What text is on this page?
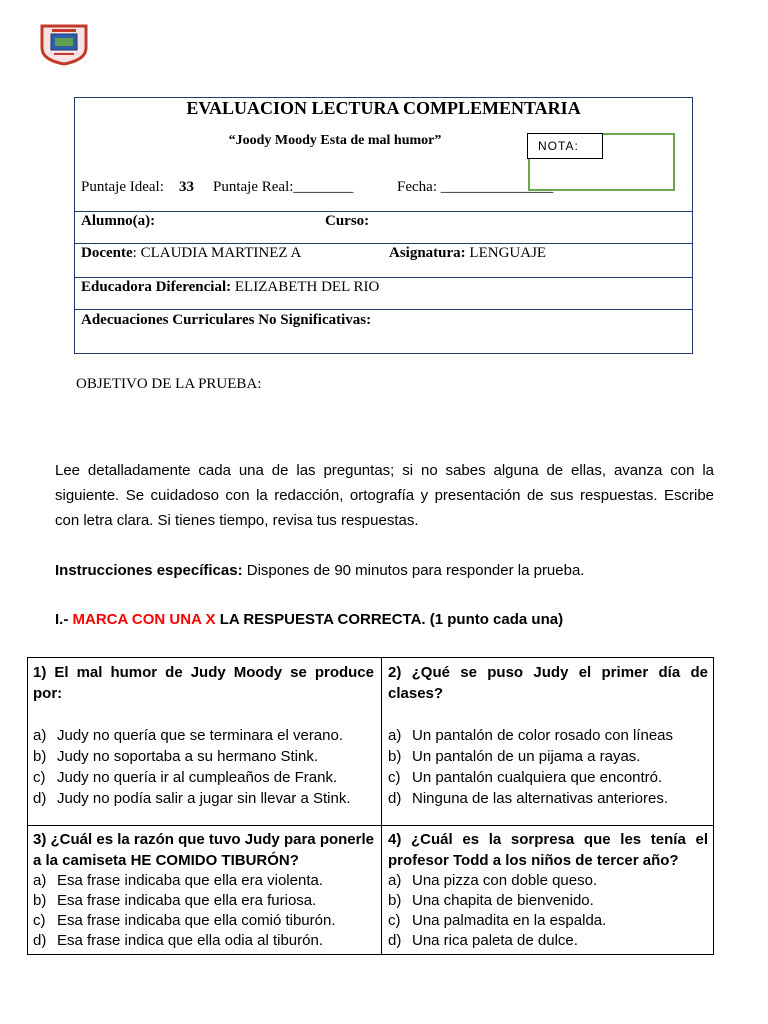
EVALUACION LECTURA COMPLEMENTARIA
“Joody Moody Esta de mal humor”	NOTA:
Puntaje Ideal: 33 Puntaje Real:________	Fecha: _______________
Alumno(a):	Curso:
Docente: CLAUDIA MARTINEZ A	Asignatura: LENGUAJE
Educadora Diferencial: ELIZABETH DEL RIO
Adecuaciones Curriculares No Significativas:
OBJETIVO DE LA PRUEBA:
Lee detalladamente cada una de las preguntas; si no sabes alguna de ellas, avanza con la siguiente. Se cuidadoso con la redacción, ortografía y presentación de sus respuestas. Escribe con letra clara. Si tienes tiempo, revisa tus respuestas.
Instrucciones específicas: Dispones de 90 minutos para responder la prueba.
I.- MARCA CON UNA X LA RESPUESTA CORRECTA. (1 punto cada una)
1) El mal humor de Judy Moody se produce por:
a) Judy no quería que se terminara el verano.
b) Judy no soportaba a su hermano Stink.
c) Judy no quería ir al cumpleaños de Frank.
d) Judy no podía salir a jugar sin llevar a Stink.
2) ¿Qué se puso Judy el primer día de clases?
a) Un pantalón de color rosado con líneas
b) Un pantalón de un pijama a rayas.
c) Un pantalón cualquiera que encontró.
d) Ninguna de las alternativas anteriores.
3) ¿Cuál es la razón que tuvo Judy para ponerle a la camiseta HE COMIDO TIBURÓN?
a) Esa frase indicaba que ella era violenta.
b) Esa frase indicaba que ella era furiosa.
c) Esa frase indicaba que ella comió tiburón.
d) Esa frase indica que ella odia al tiburón.
4) ¿Cuál es la sorpresa que les tenía el profesor Todd a los niños de tercer año?
a) Una pizza con doble queso.
b) Una chapita de bienvenido.
c) Una palmadita en la espalda.
d) Una rica paleta de dulce.
